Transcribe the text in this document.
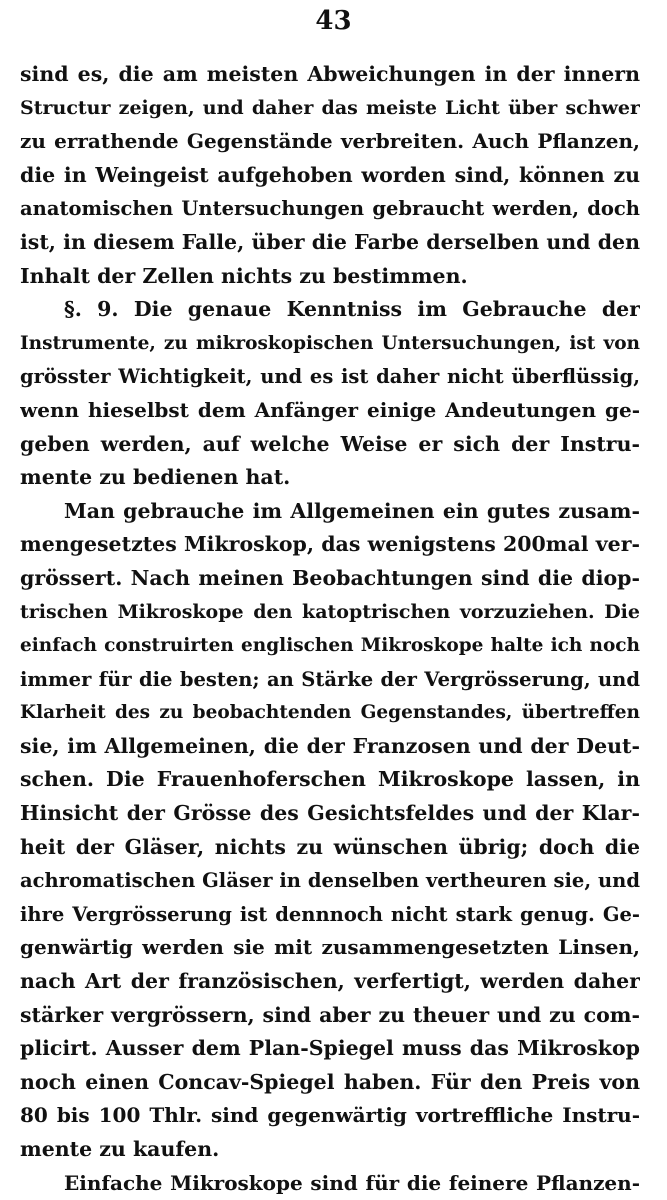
43
sind es, die am meisten Abweichungen in der innern
Structur zeigen, und daher das meiste Licht über schwer
zu errathende Gegenstände verbreiten. Auch Pflanzen,
die in Weingeist aufgehoben worden sind, können zu
anatomischen Untersuchungen gebraucht werden, doch
ist, in diesem Falle, über die Farbe derselben und den
Inhalt der Zellen nichts zu bestimmen.
§. 9. Die genaue Kenntniss im Gebrauche der
Instrumente, zu mikroskopischen Untersuchungen, ist von
grösster Wichtigkeit, und es ist daher nicht überflüssig,
wenn hieselbst dem Anfänger einige Andeutungen ge-
geben werden, auf welche Weise er sich der Instru-
mente zu bedienen hat.
Man gebrauche im Allgemeinen ein gutes zusam-
mengesetztes Mikroskop, das wenigstens 200mal ver-
grössert. Nach meinen Beobachtungen sind die diop-
trischen Mikroskope den katoptrischen vorzuziehen. Die
einfach construirten englischen Mikroskope halte ich noch
immer für die besten; an Stärke der Vergrösserung, und
Klarheit des zu beobachtenden Gegenstandes, übertreffen
sie, im Allgemeinen, die der Franzosen und der Deut-
schen. Die Frauenhoferschen Mikroskope lassen, in
Hinsicht der Grösse des Gesichtsfeldes und der Klar-
heit der Gläser, nichts zu wünschen übrig; doch die
achromatischen Gläser in denselben vertheuren sie, und
ihre Vergrösserung ist dennnoch nicht stark genug. Ge-
genwärtig werden sie mit zusammengesetzten Linsen,
nach Art der französischen, verfertigt, werden daher
stärker vergrössern, sind aber zu theuer und zu com-
plicirt. Ausser dem Plan-Spiegel muss das Mikroskop
noch einen Concav-Spiegel haben. Für den Preis von
80 bis 100 Thlr. sind gegenwärtig vortreffliche Instru-
mente zu kaufen.
Einfache Mikroskope sind für die feinere Pflanzen-
